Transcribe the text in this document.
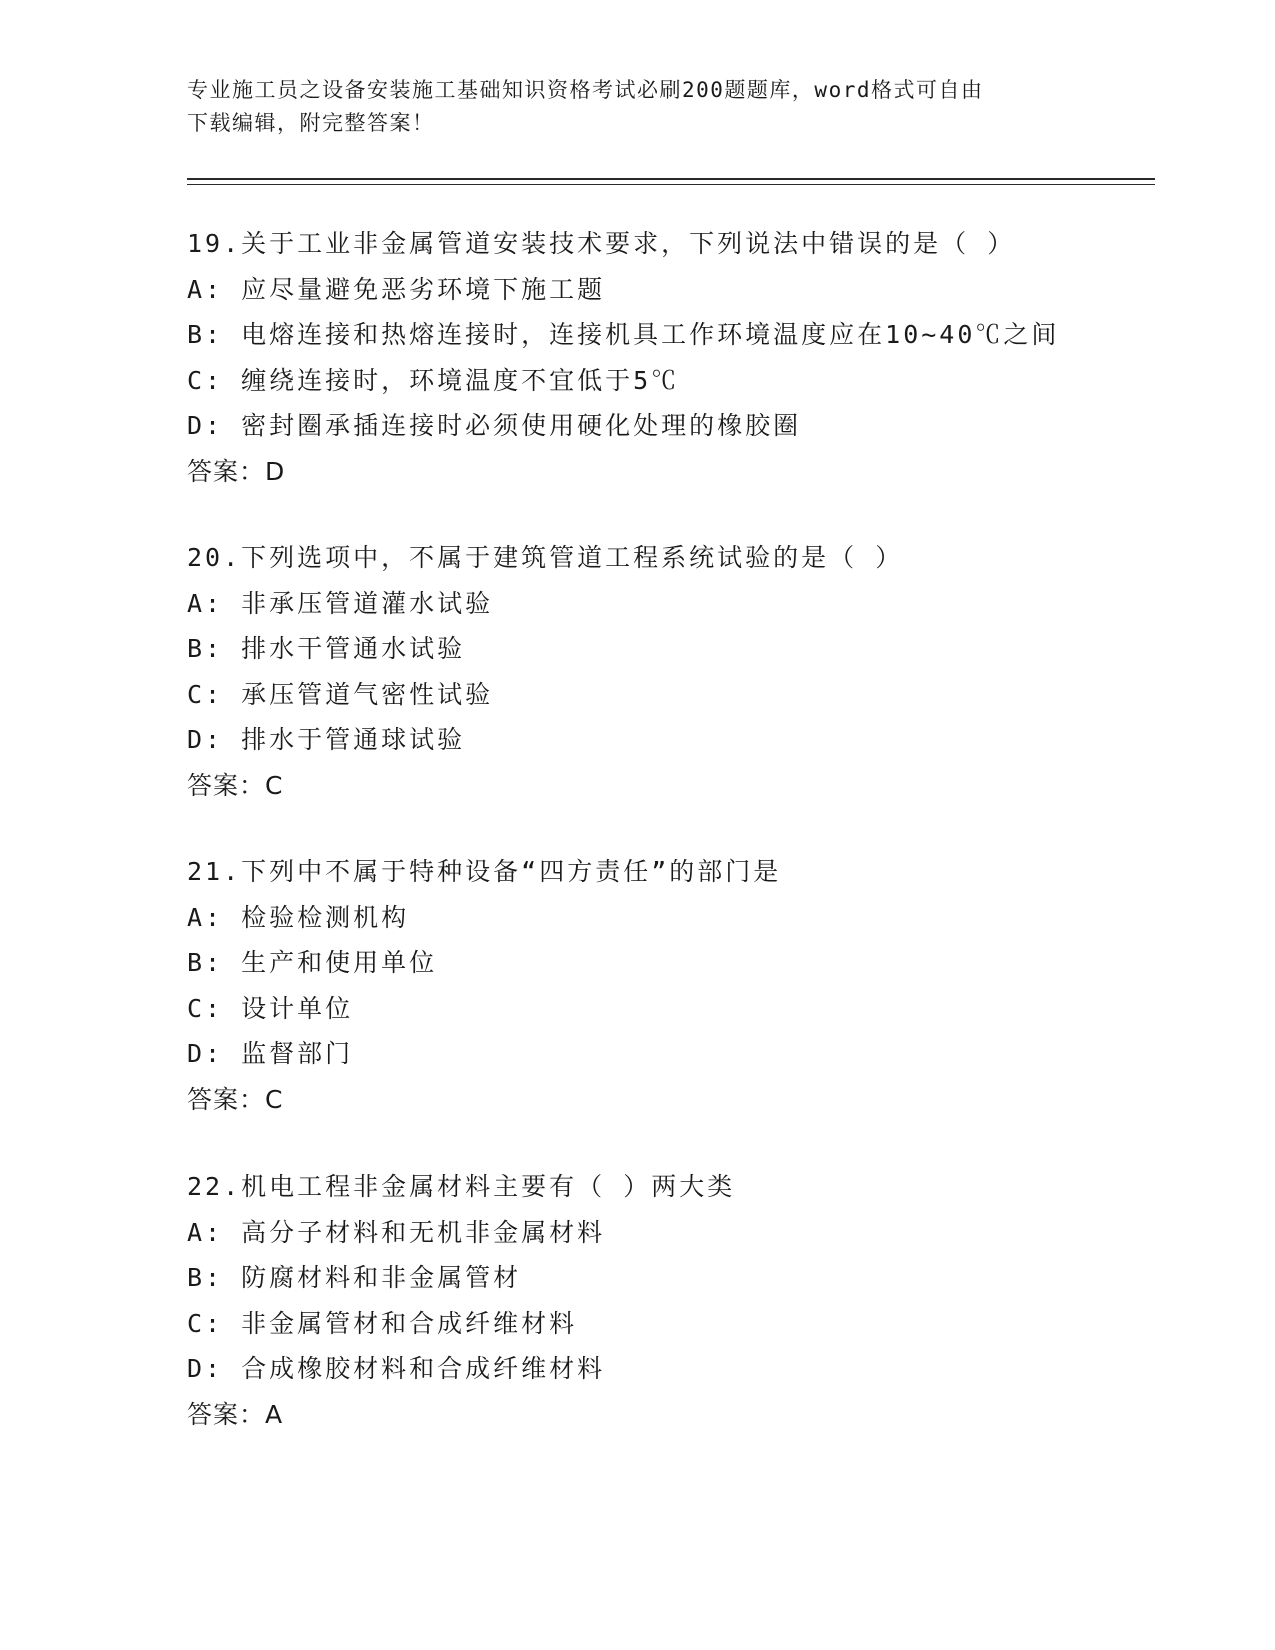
专业施工员之设备安装施工基础知识资格考试必刷200题题库，word格式可自由
下载编辑，附完整答案！
19.关于工业非金属管道安装技术要求，下列说法中错误的是（ ）
A: 应尽量避免恶劣环境下施工题
B: 电熔连接和热熔连接时，连接机具工作环境温度应在10~40℃之间
C: 缠绕连接时，环境温度不宜低于5℃
D: 密封圈承插连接时必须使用硬化处理的橡胶圈
答案：D
20.下列选项中，不属于建筑管道工程系统试验的是（ ）
A: 非承压管道灌水试验
B: 排水干管通水试验
C: 承压管道气密性试验
D: 排水于管通球试验
答案：C
21.下列中不属于特种设备“四方责任”的部门是
A: 检验检测机构
B: 生产和使用单位
C: 设计单位
D: 监督部门
答案：C
22.机电工程非金属材料主要有（ ）两大类
A: 高分子材料和无机非金属材料
B: 防腐材料和非金属管材
C: 非金属管材和合成纤维材料
D: 合成橡胶材料和合成纤维材料
答案：A
